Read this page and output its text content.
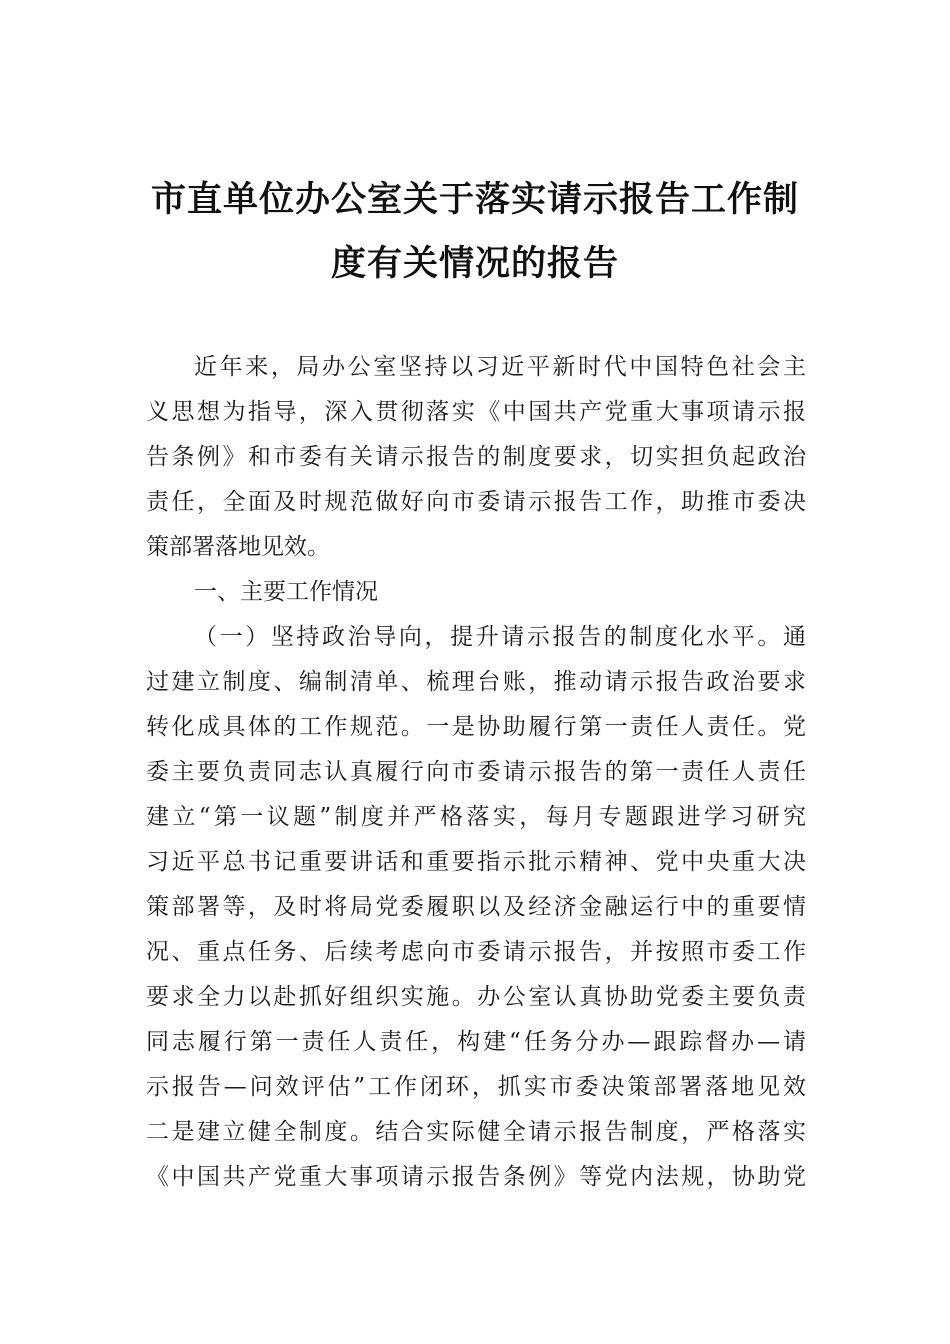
市直单位办公室关于落实请示报告工作制
度有关情况的报告
近年来，局办公室坚持以习近平新时代中国特色社会主
义思想为指导，深入贯彻落实《中国共产党重大事项请示报
告条例》和市委有关请示报告的制度要求，切实担负起政治
责任，全面及时规范做好向市委请示报告工作，助推市委决
策部署落地见效。
一、主要工作情况
（一）坚持政治导向，提升请示报告的制度化水平。通
过建立制度、编制清单、梳理台账，推动请示报告政治要求
转化成具体的工作规范。一是协助履行第一责任人责任。党
委主要负责同志认真履行向市委请示报告的第一责任人责任
建立“第一议题”制度并严格落实，每月专题跟进学习研究
习近平总书记重要讲话和重要指示批示精神、党中央重大决
策部署等，及时将局党委履职以及经济金融运行中的重要情
况、重点任务、后续考虑向市委请示报告，并按照市委工作
要求全力以赴抓好组织实施。办公室认真协助党委主要负责
同志履行第一责任人责任，构建“任务分办—跟踪督办—请
示报告—问效评估”工作闭环，抓实市委决策部署落地见效
二是建立健全制度。结合实际健全请示报告制度，严格落实
《中国共产党重大事项请示报告条例》等党内法规，协助党
